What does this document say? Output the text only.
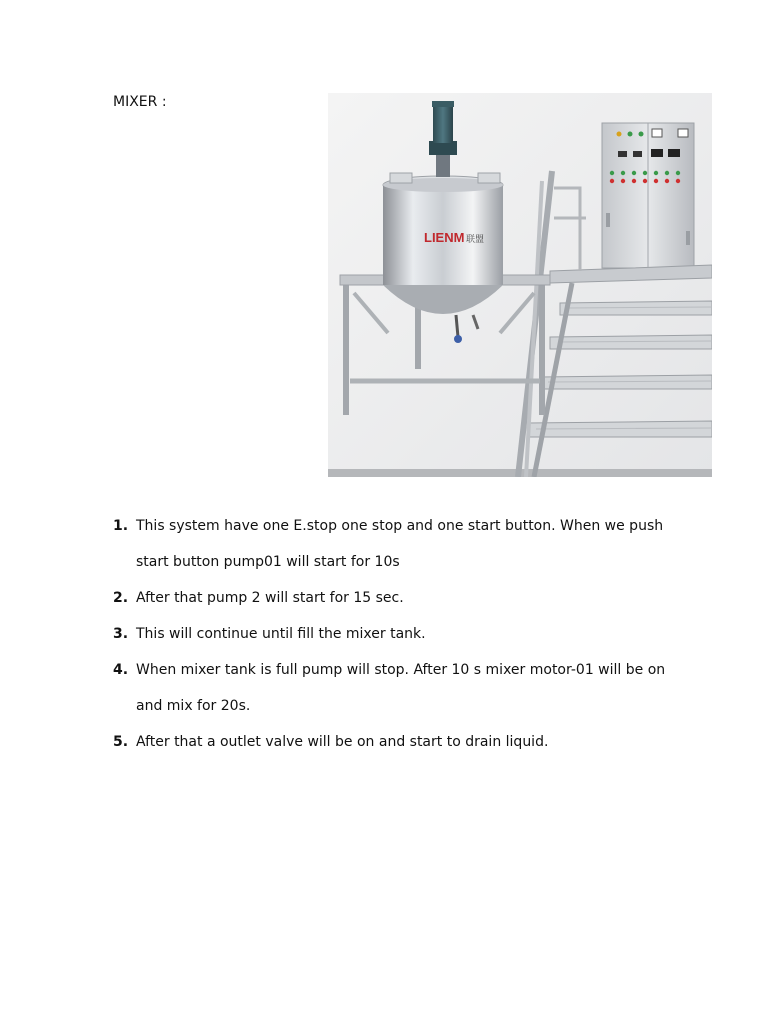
MIXER :
LIENM 联盟
1. This system have one E.stop one stop and one start button. When we push start button pump01 will start for 10s
2. After that pump 2 will start for 15 sec.
3. This will continue until fill the mixer tank.
4. When mixer tank is full pump will stop. After 10 s mixer motor-01 will be on and mix for 20s.
5. After that a outlet valve will be on and start to drain liquid.
